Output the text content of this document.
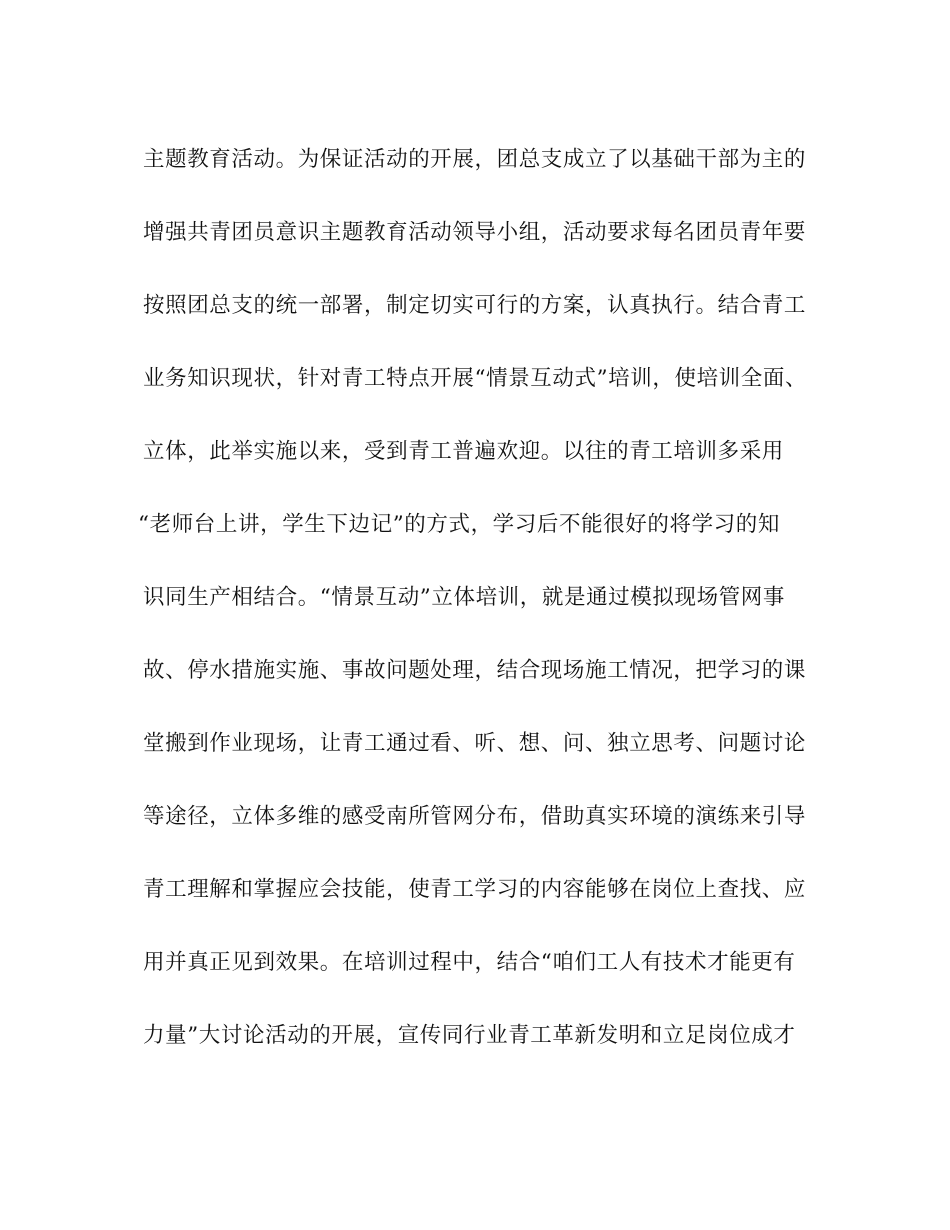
主题教育活动。为保证活动的开展，团总支成立了以基础干部为主的

增强共青团员意识主题教育活动领导小组，活动要求每名团员青年要

按照团总支的统一部署，制定切实可行的方案，认真执行。结合青工

业务知识现状，针对青工特点开展“情景互动式”培训，使培训全面、

立体，此举实施以来，受到青工普遍欢迎。以往的青工培训多采用

“老师台上讲，学生下边记”的方式，学习后不能很好的将学习的知

识同生产相结合。“情景互动”立体培训，就是通过模拟现场管网事

故、停水措施实施、事故问题处理，结合现场施工情况，把学习的课

堂搬到作业现场，让青工通过看、听、想、问、独立思考、问题讨论

等途径，立体多维的感受南所管网分布，借助真实环境的演练来引导

青工理解和掌握应会技能，使青工学习的内容能够在岗位上查找、应

用并真正见到效果。在培训过程中，结合“咱们工人有技术才能更有

力量”大讨论活动的开展，宣传同行业青工革新发明和立足岗位成才
